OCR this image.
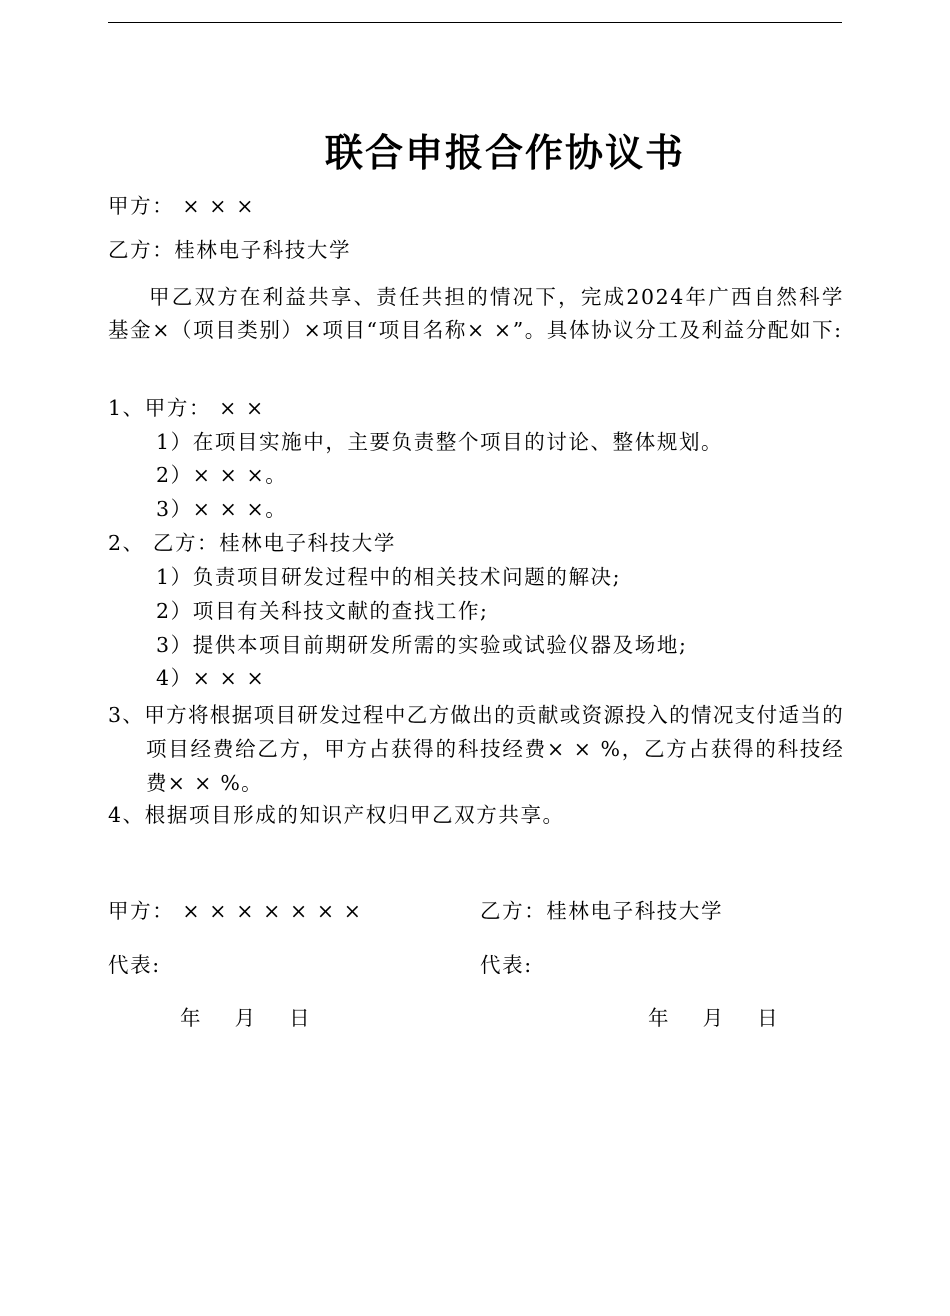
联合申报合作协议书
甲方： × × ×
乙方：桂林电子科技大学
甲乙双方在利益共享、责任共担的情况下，完成2024年广西自然科学基金×（项目类别）×项目“项目名称× ×”。具体协议分工及利益分配如下:
1、甲方： × ×
1）在项目实施中，主要负责整个项目的讨论、整体规划。
2）× × ×。
3）× × ×。
2、 乙方：桂林电子科技大学
1）负责项目研发过程中的相关技术问题的解决;
2）项目有关科技文献的查找工作;
3）提供本项目前期研发所需的实验或试验仪器及场地;
4）× × ×
3、甲方将根据项目研发过程中乙方做出的贡献或资源投入的情况支付适当的项目经费给乙方，甲方占获得的科技经费× × %，乙方占获得的科技经费× × %。
4、根据项目形成的知识产权归甲乙双方共享。
甲方： × × × × × × ×	乙方：桂林电子科技大学
代表:	代表:
年    月    日	年    月    日
